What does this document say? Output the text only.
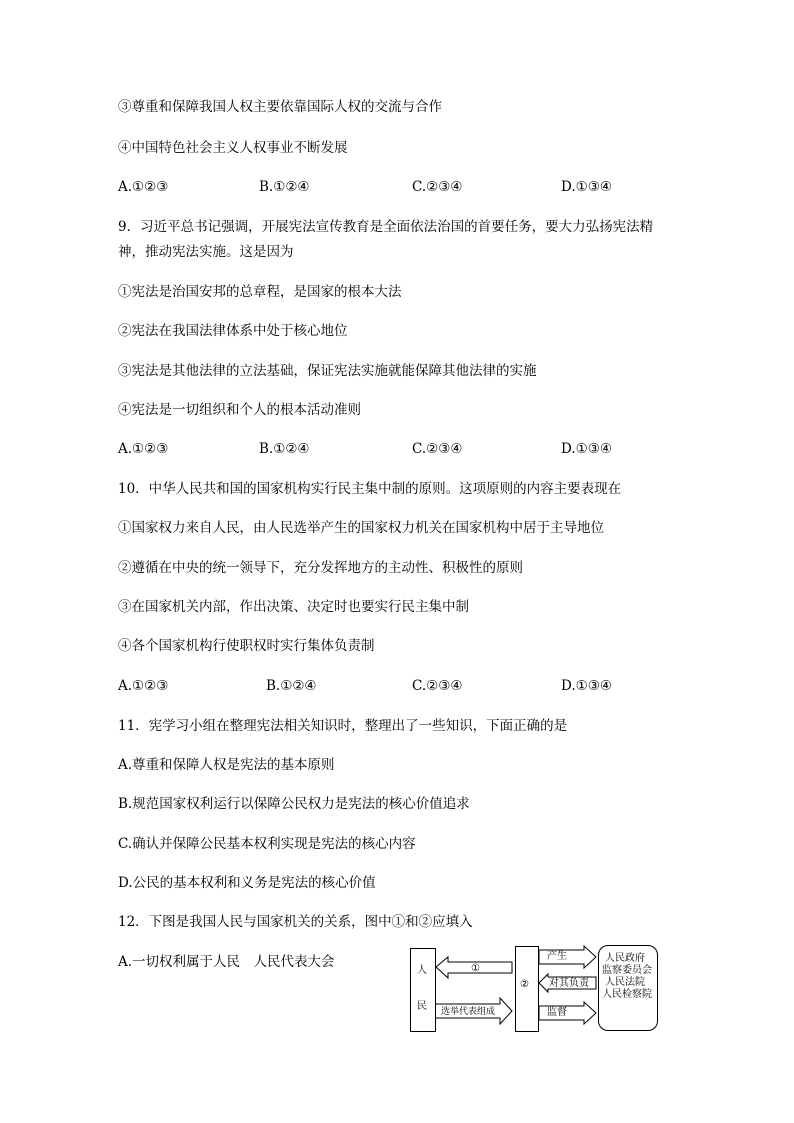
③尊重和保障我国人权主要依靠国际人权的交流与合作
④中国特色社会主义人权事业不断发展
A.①②③	B.①②④	C.②③④	D.①③④
9．习近平总书记强调，开展宪法宣传教育是全面依法治国的首要任务，要大力弘扬宪法精
神，推动宪法实施。这是因为
①宪法是治国安邦的总章程，是国家的根本大法
②宪法在我国法律体系中处于核心地位
③宪法是其他法律的立法基础，保证宪法实施就能保障其他法律的实施
④宪法是一切组织和个人的根本活动准则
A.①②③	B.①②④	C.②③④	D.①③④
10．中华人民共和国的国家机构实行民主集中制的原则。这项原则的内容主要表现在
①国家权力来自人民，由人民选举产生的国家权力机关在国家机构中居于主导地位
②遵循在中央的统一领导下，充分发挥地方的主动性、积极性的原则
③在国家机关内部，作出决策、决定时也要实行民主集中制
④各个国家机构行使职权时实行集体负责制
A.①②③	B.①②④	C.②③④	D.①③④
11．宪学习小组在整理宪法相关知识时，整理出了一些知识，下面正确的是
A.尊重和保障人权是宪法的基本原则
B.规范国家权利运行以保障公民权力是宪法的核心价值追求
C.确认并保障公民基本权利实现是宪法的核心内容
D.公民的基本权利和义务是宪法的核心价值
12．下图是我国人民与国家机关的关系，图中①和②应填入
A.一切权利属于人民　人民代表大会
人
民
①
选举代表组成
②
产生
对其负责
监督
人民政府
监察委员会
人民法院
人民检察院
